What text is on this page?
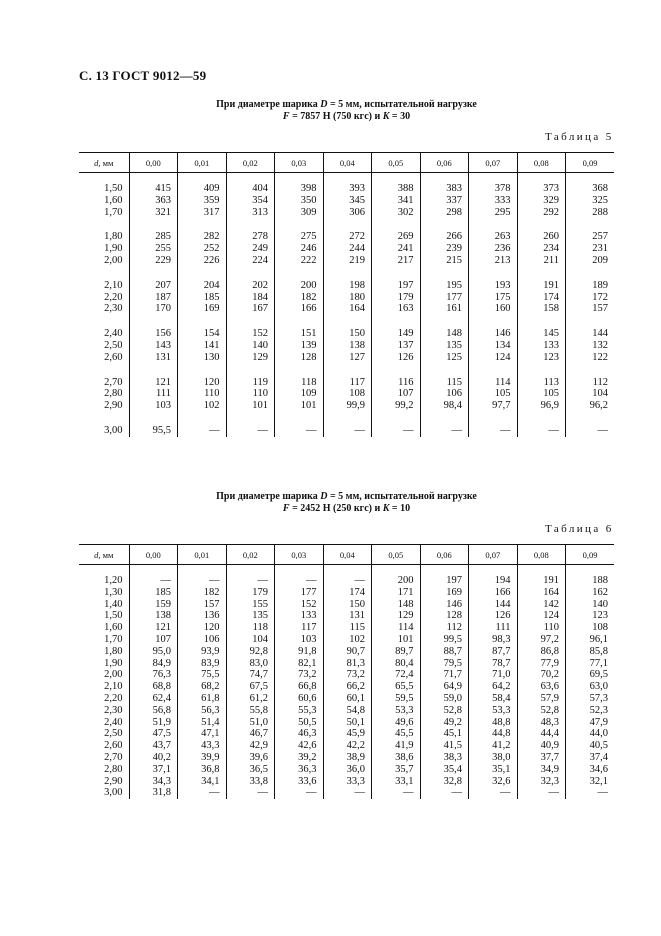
С. 13 ГОСТ 9012—59
При диаметре шарика D = 5 мм, испытательной нагрузке
F = 7857 Н (750 кгс) и K = 30
Таблица 5
d, мм	0,00	0,01	0,02	0,03	0,04	0,05	0,06	0,07	0,08	0,09

1,50	415	409	404	398	393	388	383	378	373	368
1,60	363	359	354	350	345	341	337	333	329	325
1,70	321	317	313	309	306	302	298	295	292	288

1,80	285	282	278	275	272	269	266	263	260	257
1,90	255	252	249	246	244	241	239	236	234	231
2,00	229	226	224	222	219	217	215	213	211	209

2,10	207	204	202	200	198	197	195	193	191	189
2,20	187	185	184	182	180	179	177	175	174	172
2,30	170	169	167	166	164	163	161	160	158	157

2,40	156	154	152	151	150	149	148	146	145	144
2,50	143	141	140	139	138	137	135	134	133	132
2,60	131	130	129	128	127	126	125	124	123	122

2,70	121	120	119	118	117	116	115	114	113	112
2,80	111	110	110	109	108	107	106	105	105	104
2,90	103	102	101	101	99,9	99,2	98,4	97,7	96,9	96,2

3,00	95,5	—	—	—	—	—	—	—	—	—
При диаметре шарика D = 5 мм, испытательной нагрузке
F = 2452 Н (250 кгс) и K = 10
Таблица 6
d, мм	0,00	0,01	0,02	0,03	0,04	0,05	0,06	0,07	0,08	0,09

1,20	—	—	—	—	—	200	197	194	191	188
1,30	185	182	179	177	174	171	169	166	164	162
1,40	159	157	155	152	150	148	146	144	142	140
1,50	138	136	135	133	131	129	128	126	124	123
1,60	121	120	118	117	115	114	112	111	110	108
1,70	107	106	104	103	102	101	99,5	98,3	97,2	96,1
1,80	95,0	93,9	92,8	91,8	90,7	89,7	88,7	87,7	86,8	85,8
1,90	84,9	83,9	83,0	82,1	81,3	80,4	79,5	78,7	77,9	77,1
2,00	76,3	75,5	74,7	73,2	73,2	72,4	71,7	71,0	70,2	69,5
2,10	68,8	68,2	67,5	66,8	66,2	65,5	64,9	64,2	63,6	63,0
2,20	62,4	61,8	61,2	60,6	60,1	59,5	59,0	58,4	57,9	57,3
2,30	56,8	56,3	55,8	55,3	54,8	53,3	52,8	53,3	52,8	52,3
2,40	51,9	51,4	51,0	50,5	50,1	49,6	49,2	48,8	48,3	47,9
2,50	47,5	47,1	46,7	46,3	45,9	45,5	45,1	44,8	44,4	44,0
2,60	43,7	43,3	42,9	42,6	42,2	41,9	41,5	41,2	40,9	40,5
2,70	40,2	39,9	39,6	39,2	38,9	38,6	38,3	38,0	37,7	37,4
2,80	37,1	36,8	36,5	36,3	36,0	35,7	35,4	35,1	34,9	34,6
2,90	34,3	34,1	33,8	33,6	33,3	33,1	32,8	32,6	32,3	32,1
3,00	31,8	—	—	—	—	—	—	—	—	—
